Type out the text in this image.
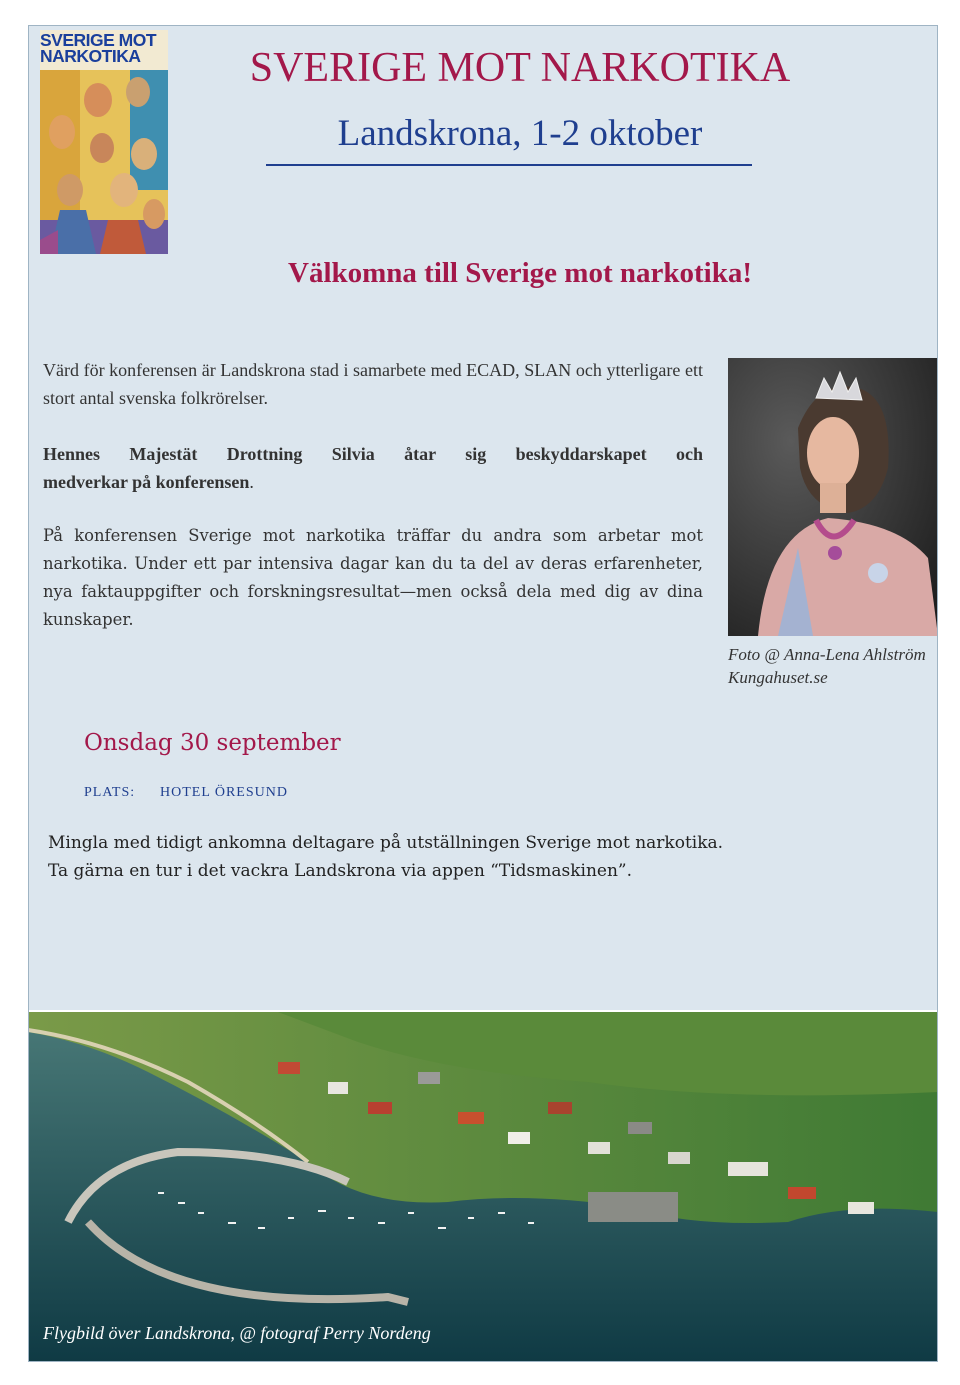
SVERIGE MOT
NARKOTIKA	SVERIGE MOT NARKOTIKA
Landskrona, 1-2 oktober
Välkomna till Sverige mot narkotika!
Värd för konferensen är Landskrona stad i samarbete med ECAD, SLAN och ytterligare ett stort antal svenska folkrörelser.
Hennes Majestät Drottning Silvia åtar sig beskyddarskapet och
medverkar på konferensen.
På konferensen Sverige mot narkotika träffar du andra som arbetar mot narkotika. Under ett par intensiva dagar kan du ta del av deras erfarenheter, nya faktauppgifter och forskningsresultat—men också dela med dig av dina kunskaper.
Foto @ Anna-Lena Ahlström
Kungahuset.se
Onsdag 30 september
PLATS: HOTEL ÖRESUND
Mingla med tidigt ankomna deltagare på utställningen Sverige mot narkotika.
Ta gärna en tur i det vackra Landskrona via appen “Tidsmaskinen”.
Flygbild över Landskrona, @ fotograf Perry Nordeng
